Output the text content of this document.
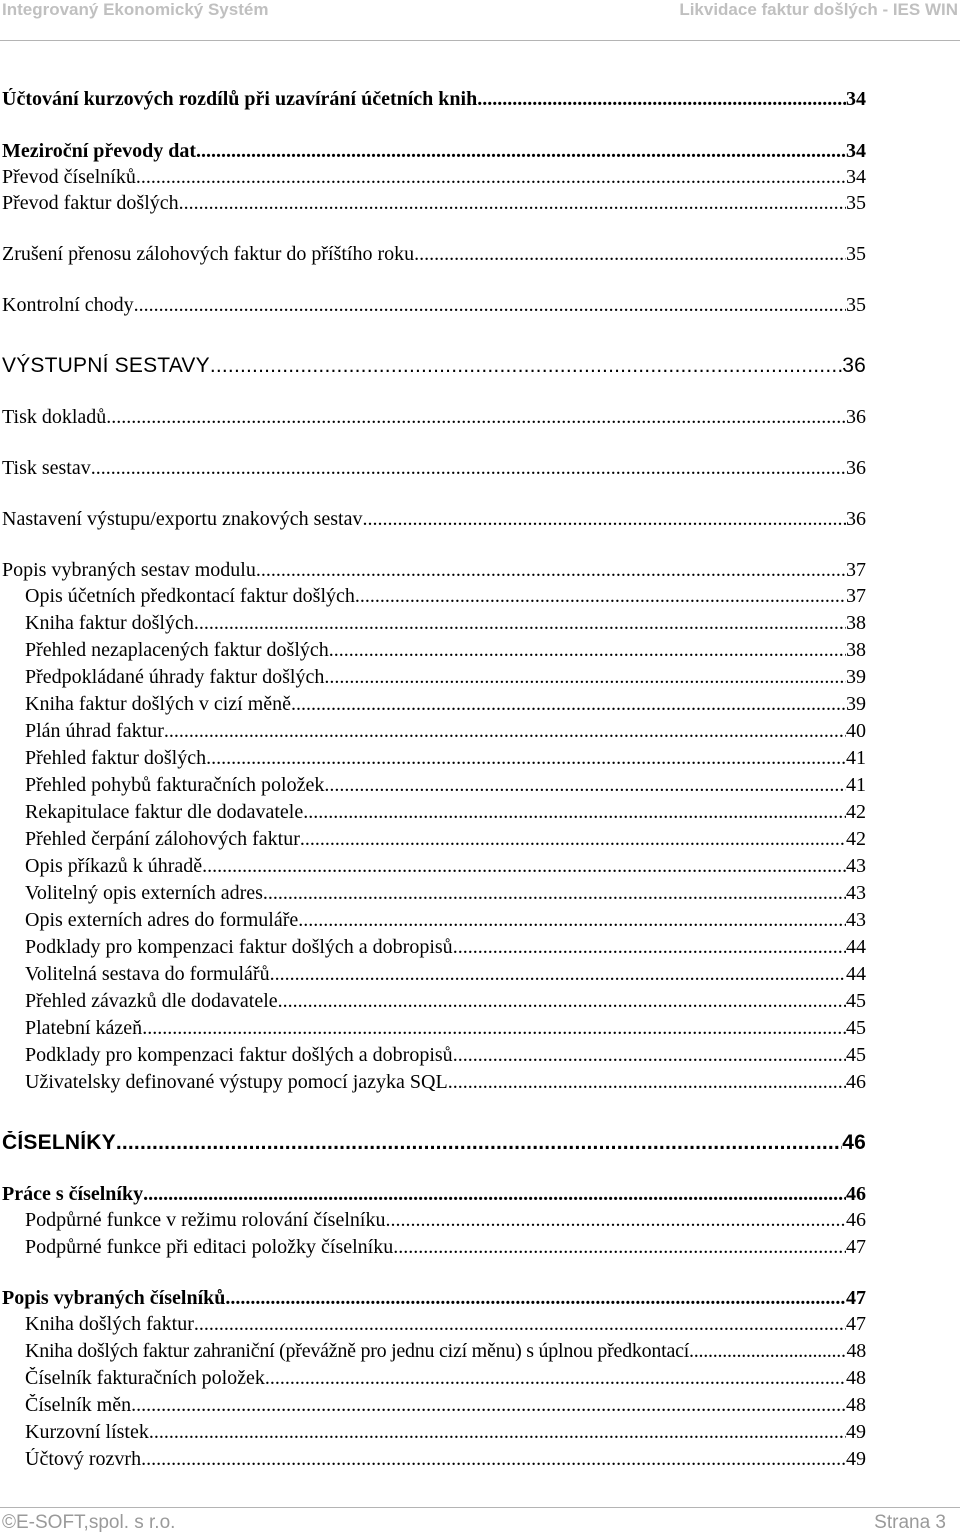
Integrovaný Ekonomický Systém	Likvidace faktur došlých - IES WIN
Účtování kurzových rozdílů při uzavírání účetních knih .....	34
Meziroční převody dat .....	34
Převod číselníků .....	34
Převod faktur došlých .....	35
Zrušení přenosu zálohových faktur do příštího roku .....	35
Kontrolní chody .....	35
VÝSTUPNÍ SESTAVY .....	36
Tisk dokladů .....	36
Tisk sestav .....	36
Nastavení výstupu/exportu znakových sestav .....	36
Popis vybraných sestav modulu .....	37
Opis účetních předkontací faktur došlých .....	37
Kniha faktur došlých .....	38
Přehled nezaplacených faktur došlých .....	38
Předpokládané úhrady faktur došlých .....	39
Kniha faktur došlých v cizí měně .....	39
Plán úhrad faktur .....	40
Přehled faktur došlých .....	41
Přehled pohybů fakturačních položek .....	41
Rekapitulace faktur dle dodavatele .....	42
Přehled čerpání zálohových faktur .....	42
Opis příkazů k úhradě .....	43
Volitelný opis externích adres .....	43
Opis externích adres do formuláře .....	43
Podklady pro kompenzaci faktur došlých a dobropisů .....	44
Volitelná sestava do formulářů .....	44
Přehled závazků dle dodavatele .....	45
Platební kázeň .....	45
Podklady pro kompenzaci faktur došlých a dobropisů .....	45
Uživatelsky definované výstupy pomocí jazyka SQL .....	46
ČÍSELNÍKY .....	46
Práce s číselníky .....	46
Podpůrné funkce v režimu rolování číselníku .....	46
Podpůrné funkce při editaci položky číselníku .....	47
Popis vybraných číselníků .....	47
Kniha došlých faktur .....	47
Kniha došlých faktur zahraniční (převážně pro jednu cizí měnu) s úplnou předkontací. .....	48
Číselník fakturačních položek .....	48
Číselník měn .....	48
Kurzovní lístek .....	49
Účtový rozvrh .....	49
©E-SOFT,spol. s r.o.	Strana 3
